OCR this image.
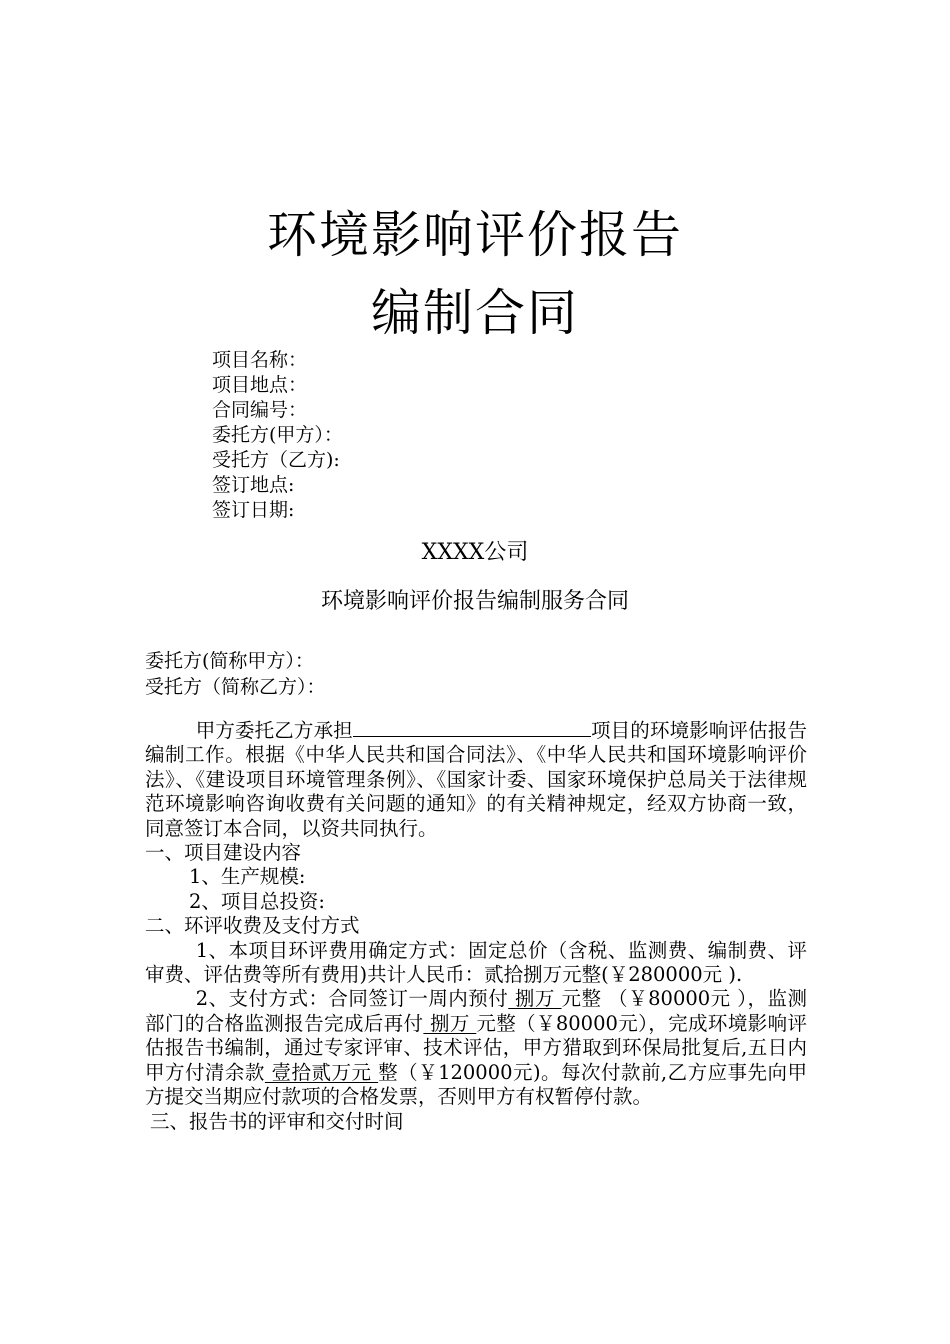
环境影响评价报告
编制合同
项目名称：
项目地点：
合同编号：
委托方(甲方）：
受托方（乙方):
签订地点:
签订日期:
XXXX公司
环境影响评价报告编制服务合同
委托方(简称甲方）：
受托方（简称乙方）：

甲方委托乙方承担	项目的环境影响评估报告编制工作。根据《中华人民共和国合同法》、《中华人民共和国环境影响评价法》、《建设项目环境管理条例》、《国家计委、国家环境保护总局关于法律规范环境影响咨询收费有关问题的通知》的有关精神规定，经双方协商一致，同意签订本合同，以资共同执行。

一、项目建设内容

1、生产规模:

2、项目总投资:

二、环评收费及支付方式

1、本项目环评费用确定方式：固定总价（含税、监测费、编制费、评审费、评估费等所有费用)共计人民币：贰拾捌万元整(￥280000元 ).

2、支付方式：合同签订一周内预付 捌万 元整 （￥80000元 ），监测部门的合格监测报告完成后再付 捌万 元整（￥80000元），完成环境影响评估报告书编制，通过专家评审、技术评估，甲方猎取到环保局批复后,五日内甲方付清余款 壹拾贰万元 整（￥120000元)。每次付款前,乙方应事先向甲方提交当期应付款项的合格发票，否则甲方有权暂停付款。

三、报告书的评审和交付时间
